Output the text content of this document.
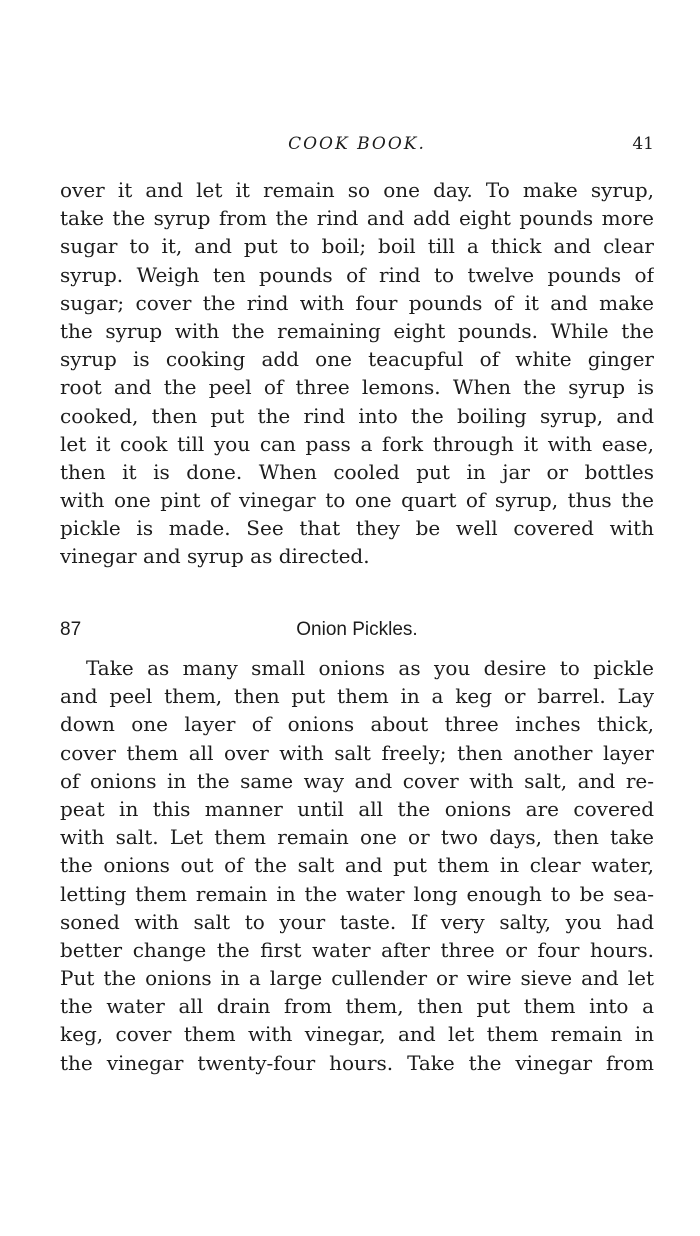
COOK BOOK.	41
over it and let it remain so one day. To make syrup,
take the syrup from the rind and add eight pounds more
sugar to it, and put to boil; boil till a thick and clear
syrup. Weigh ten pounds of rind to twelve pounds of
sugar; cover the rind with four pounds of it and make
the syrup with the remaining eight pounds. While the
syrup is cooking add one teacupful of white ginger
root and the peel of three lemons. When the syrup is
cooked, then put the rind into the boiling syrup, and
let it cook till you can pass a fork through it with ease,
then it is done. When cooled put in jar or bottles
with one pint of vinegar to one quart of syrup, thus the
pickle is made. See that they be well covered with
vinegar and syrup as directed.
87	Onion Pickles.
Take as many small onions as you desire to pickle
and peel them, then put them in a keg or barrel. Lay
down one layer of onions about three inches thick,
cover them all over with salt freely; then another layer
of onions in the same way and cover with salt, and re-
peat in this manner until all the onions are covered
with salt. Let them remain one or two days, then take
the onions out of the salt and put them in clear water,
letting them remain in the water long enough to be sea-
soned with salt to your taste. If very salty, you had
better change the first water after three or four hours.
Put the onions in a large cullender or wire sieve and let
the water all drain from them, then put them into a
keg, cover them with vinegar, and let them remain in
the vinegar twenty-four hours. Take the vinegar from
